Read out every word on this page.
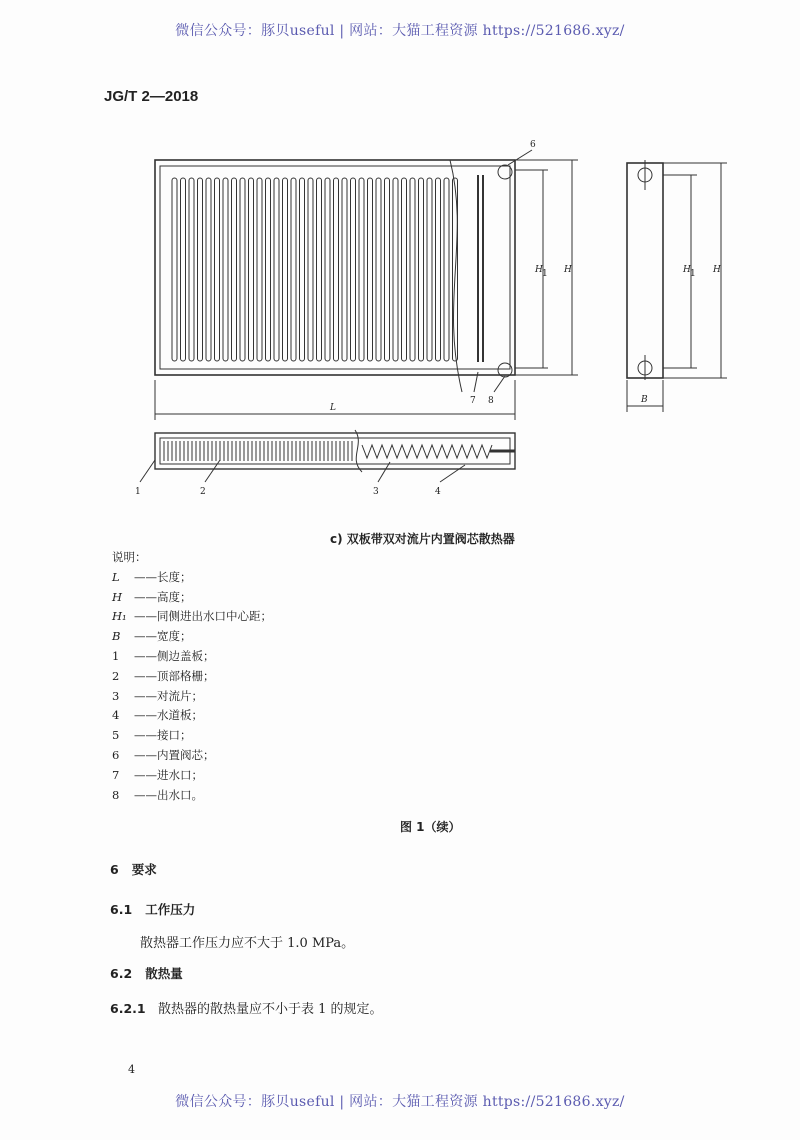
微信公众号：豚贝useful | 网站：大猫工程资源 https://521686.xyz/
JG/T 2—2018
L
H 1 H	H 1 H
B
6
7 8
1	2	3	4
c) 双板带双对流片内置阀芯散热器
说明：
L	——长度；
H	——高度；
H₁ ——同侧进出水口中心距；
B	——宽度；
1	——侧边盖板；
2	——顶部格栅；
3	——对流片；
4	——水道板；
5	——接口；
6	——内置阀芯；
7	——进水口；
8	——出水口。
图 1（续）
6 要求
6.1 工作压力
散热器工作压力应不大于 1.0 MPa。
6.2 散热量
6.2.1 散热器的散热量应不小于表 1 的规定。
4
微信公众号：豚贝useful | 网站：大猫工程资源 https://521686.xyz/
